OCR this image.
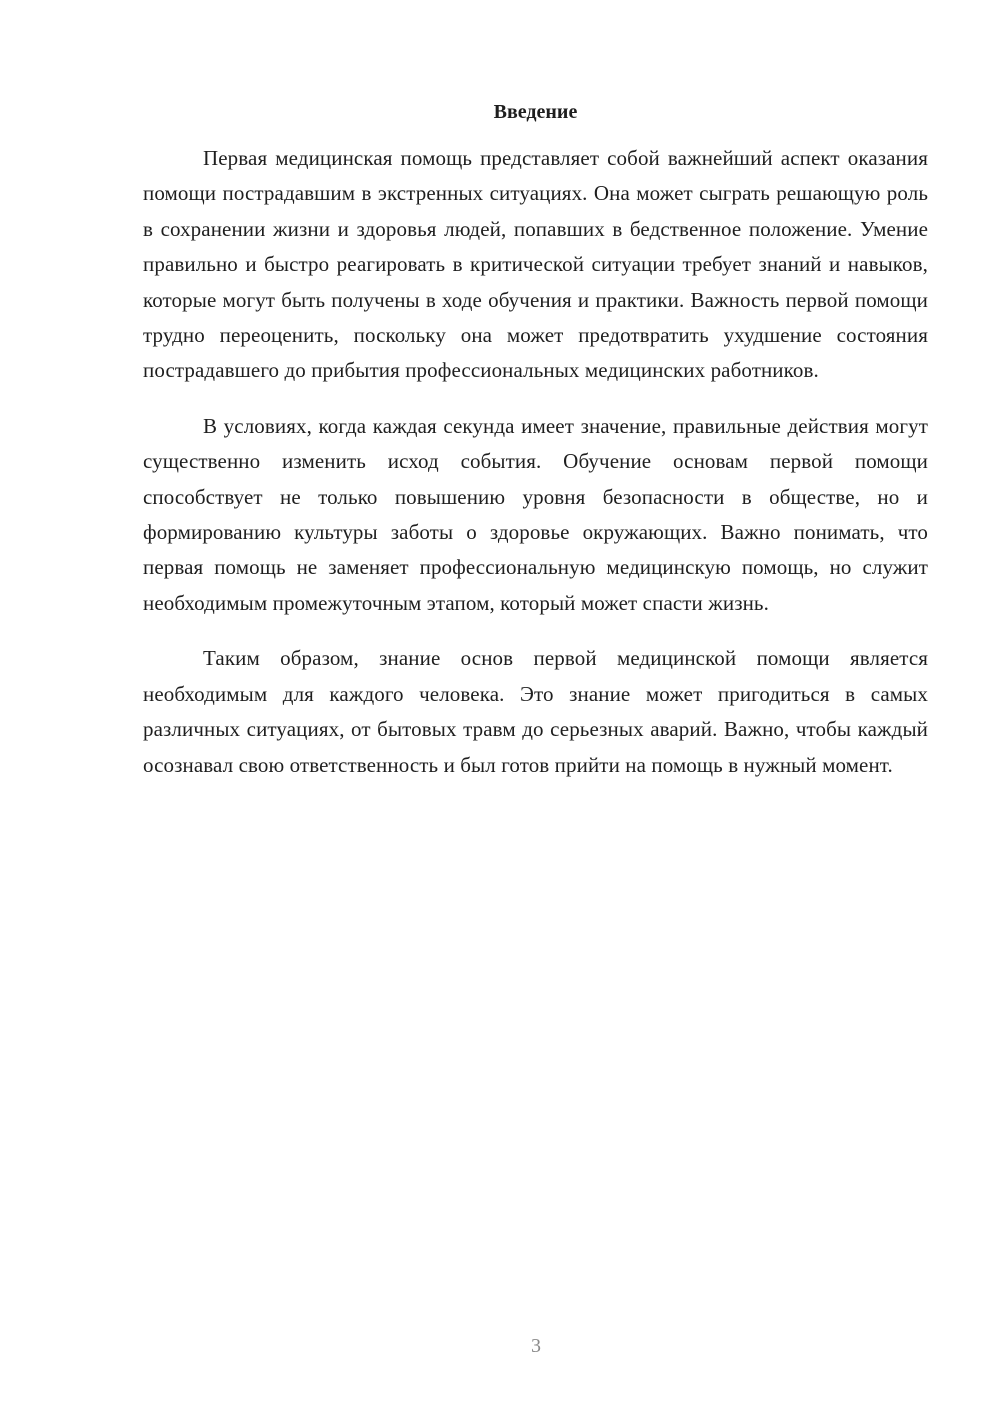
Введение

Первая медицинская помощь представляет собой важнейший аспект оказания помощи пострадавшим в экстренных ситуациях. Она может сыграть решающую роль в сохранении жизни и здоровья людей, попавших в бедственное положение. Умение правильно и быстро реагировать в критической ситуации требует знаний и навыков, которые могут быть получены в ходе обучения и практики. Важность первой помощи трудно переоценить, поскольку она может предотвратить ухудшение состояния пострадавшего до прибытия профессиональных медицинских работников.

В условиях, когда каждая секунда имеет значение, правильные действия могут существенно изменить исход события. Обучение основам первой помощи способствует не только повышению уровня безопасности в обществе, но и формированию культуры заботы о здоровье окружающих. Важно понимать, что первая помощь не заменяет профессиональную медицинскую помощь, но служит необходимым промежуточным этапом, который может спасти жизнь.

Таким образом, знание основ первой медицинской помощи является необходимым для каждого человека. Это знание может пригодиться в самых различных ситуациях, от бытовых травм до серьезных аварий. Важно, чтобы каждый осознавал свою ответственность и был готов прийти на помощь в нужный момент.

3
